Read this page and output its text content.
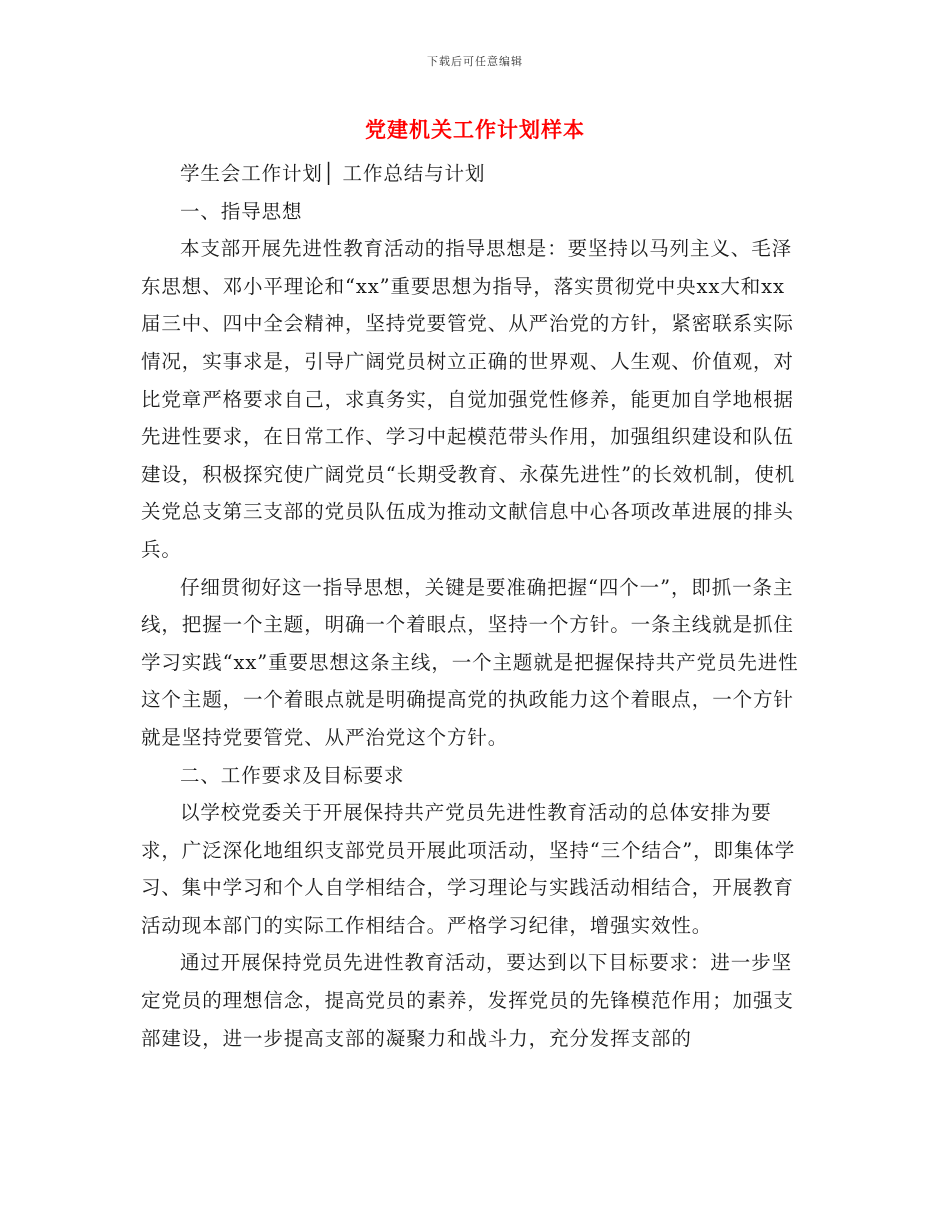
下载后可任意编辑
党建机关工作计划样本

学生会工作计划│ 工作总结与计划

一、指导思想

本支部开展先进性教育活动的指导思想是：要坚持以马列主义、毛泽东思想、邓小平理论和“xx”重要思想为指导，落实贯彻党中央xx大和xx届三中、四中全会精神，坚持党要管党、从严治党的方针，紧密联系实际情况，实事求是，引导广阔党员树立正确的世界观、人生观、价值观，对比党章严格要求自己，求真务实，自觉加强党性修养，能更加自学地根据先进性要求，在日常工作、学习中起模范带头作用，加强组织建设和队伍建设，积极探究使广阔党员“长期受教育、永葆先进性”的长效机制，使机关党总支第三支部的党员队伍成为推动文献信息中心各项改革进展的排头兵。

仔细贯彻好这一指导思想，关键是要准确把握“四个一”，即抓一条主线，把握一个主题，明确一个着眼点，坚持一个方针。一条主线就是抓住学习实践“xx”重要思想这条主线，一个主题就是把握保持共产党员先进性这个主题，一个着眼点就是明确提高党的执政能力这个着眼点，一个方针就是坚持党要管党、从严治党这个方针。

二、工作要求及目标要求

以学校党委关于开展保持共产党员先进性教育活动的总体安排为要求，广泛深化地组织支部党员开展此项活动，坚持“三个结合”，即集体学习、集中学习和个人自学相结合，学习理论与实践活动相结合，开展教育活动现本部门的实际工作相结合。严格学习纪律，增强实效性。

通过开展保持党员先进性教育活动，要达到以下目标要求：进一步坚定党员的理想信念，提高党员的素养，发挥党员的先锋模范作用；加强支部建设，进一步提高支部的凝聚力和战斗力，充分发挥支部的
